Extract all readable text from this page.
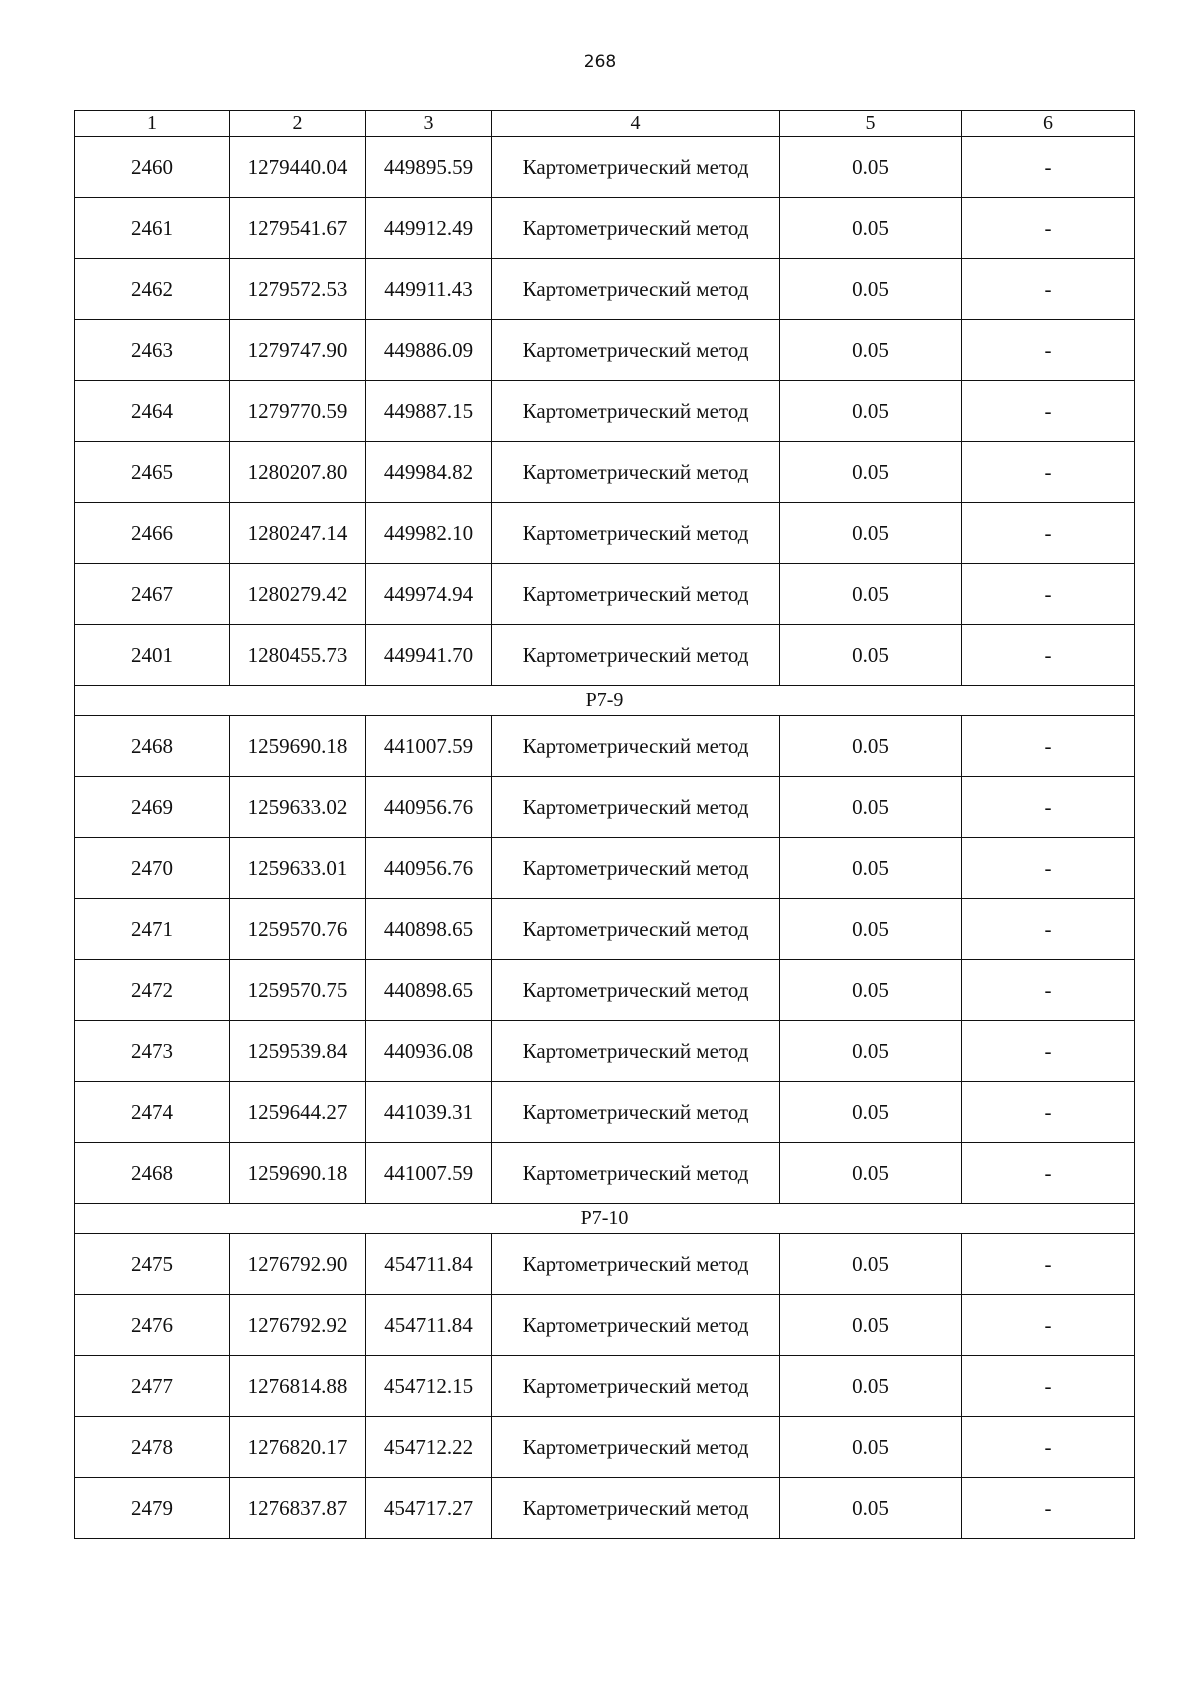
268
1	2	3	4	5	6
2460	1279440.04	449895.59	Картометрический метод	0.05	-
2461	1279541.67	449912.49	Картометрический метод	0.05	-
2462	1279572.53	449911.43	Картометрический метод	0.05	-
2463	1279747.90	449886.09	Картометрический метод	0.05	-
2464	1279770.59	449887.15	Картометрический метод	0.05	-
2465	1280207.80	449984.82	Картометрический метод	0.05	-
2466	1280247.14	449982.10	Картометрический метод	0.05	-
2467	1280279.42	449974.94	Картометрический метод	0.05	-
2401	1280455.73	449941.70	Картометрический метод	0.05	-
P7-9					
2468	1259690.18	441007.59	Картометрический метод	0.05	-
2469	1259633.02	440956.76	Картометрический метод	0.05	-
2470	1259633.01	440956.76	Картометрический метод	0.05	-
2471	1259570.76	440898.65	Картометрический метод	0.05	-
2472	1259570.75	440898.65	Картометрический метод	0.05	-
2473	1259539.84	440936.08	Картометрический метод	0.05	-
2474	1259644.27	441039.31	Картометрический метод	0.05	-
2468	1259690.18	441007.59	Картометрический метод	0.05	-
P7-10					
2475	1276792.90	454711.84	Картометрический метод	0.05	-
2476	1276792.92	454711.84	Картометрический метод	0.05	-
2477	1276814.88	454712.15	Картометрический метод	0.05	-
2478	1276820.17	454712.22	Картометрический метод	0.05	-
2479	1276837.87	454717.27	Картометрический метод	0.05	-
